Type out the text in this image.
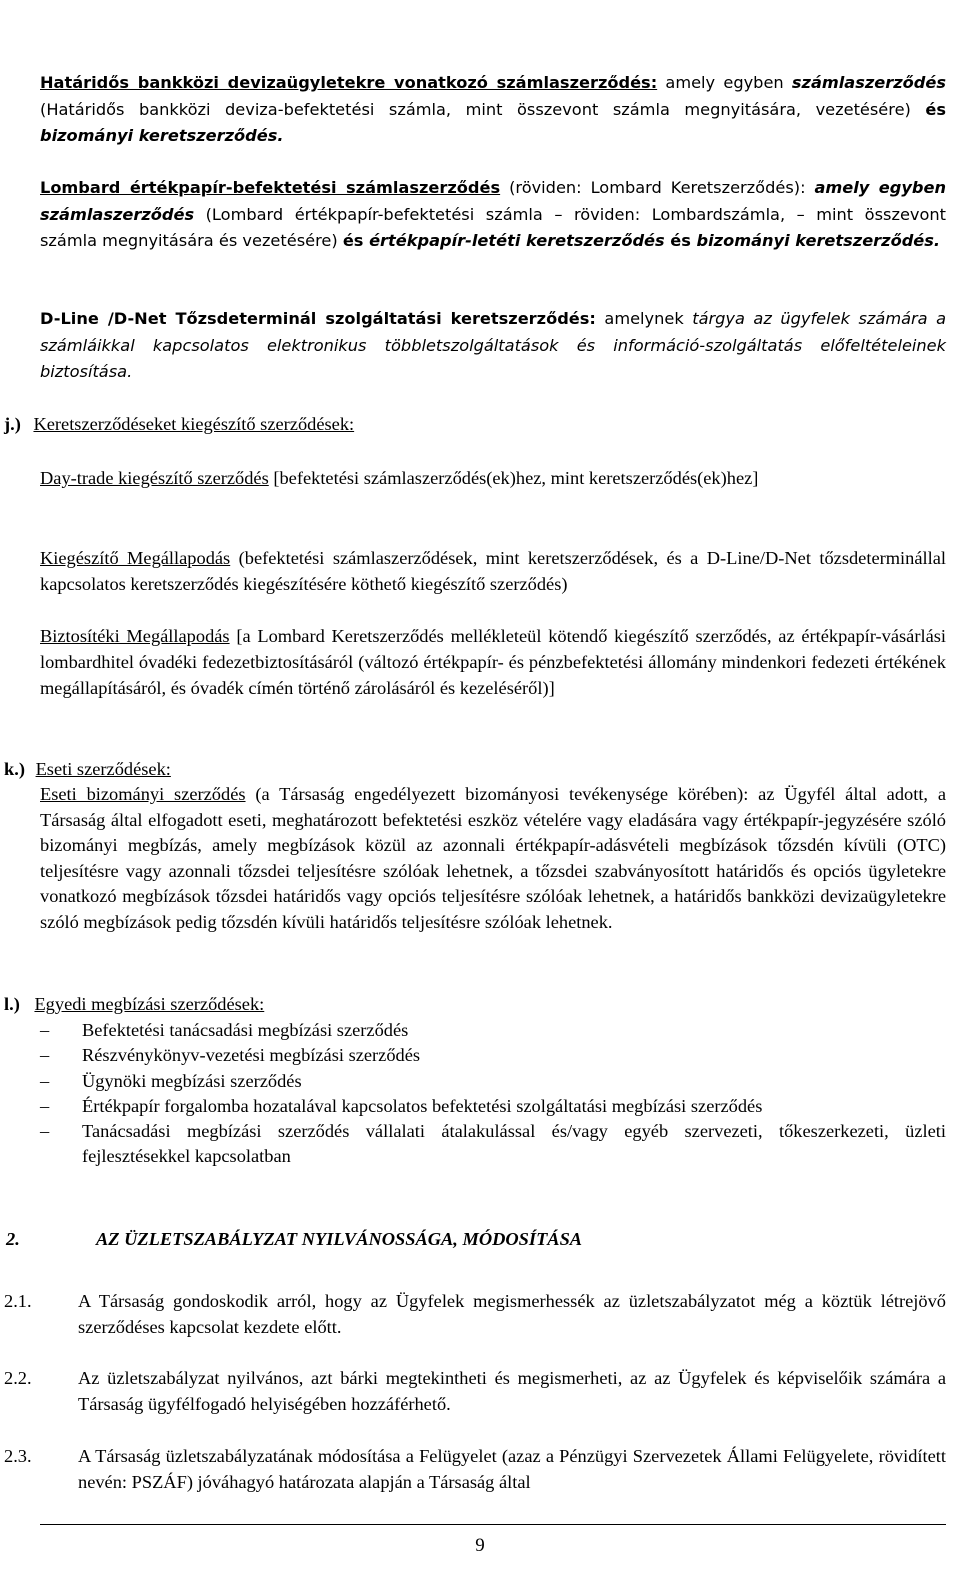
Határidős bankközi devizaügyletekre vonatkozó számlaszerződés: amely egyben számlaszerződés (Határidős bankközi deviza-befektetési számla, mint összevont számla megnyitására, vezetésére) és bizományi keretszerződés.

Lombard értékpapír-befektetési számlaszerződés (röviden: Lombard Keretszerződés): amely egyben számlaszerződés (Lombard értékpapír-befektetési számla – röviden: Lombardszámla, – mint összevont számla megnyitására és vezetésére) és értékpapír-letéti keretszerződés és bizományi keretszerződés.

D-Line /D-Net Tőzsdeterminál szolgáltatási keretszerződés: amelynek tárgya az ügyfelek számára a számláikkal kapcsolatos elektronikus többletszolgáltatások és információ-szolgáltatás előfeltételeinek biztosítása.

j.) Keretszerződéseket kiegészítő szerződések:

Day-trade kiegészítő szerződés [befektetési számlaszerződés(ek)hez, mint keretszerződés(ek)hez]

Kiegészítő Megállapodás (befektetési számlaszerződések, mint keretszerződések, és a D-Line/D-Net tőzsdeterminállal kapcsolatos keretszerződés kiegészítésére köthető kiegészítő szerződés)

Biztosítéki Megállapodás [a Lombard Keretszerződés mellékleteül kötendő kiegészítő szerződés, az értékpapír-vásárlási lombardhitel óvadéki fedezetbiztosításáról (változó értékpapír- és pénzbefektetési állomány mindenkori fedezeti értékének megállapításáról, és óvadék címén történő zárolásáról és kezeléséről)]

k.) Eseti szerződések:

Eseti bizományi szerződés (a Társaság engedélyezett bizományosi tevékenysége körében): az Ügyfél által adott, a Társaság által elfogadott eseti, meghatározott befektetési eszköz vételére vagy eladására vagy értékpapír-jegyzésére szóló bizományi megbízás, amely megbízások közül az azonnali értékpapír-adásvételi megbízások tőzsdén kívüli (OTC) teljesítésre vagy azonnali tőzsdei teljesítésre szólóak lehetnek, a tőzsdei szabványosított határidős és opciós ügyletekre vonatkozó megbízások tőzsdei határidős vagy opciós teljesítésre szólóak lehetnek, a határidős bankközi devizaügyletekre szóló megbízások pedig tőzsdén kívüli határidős teljesítésre szólóak lehetnek.

l.) Egyedi megbízási szerződések:
– Befektetési tanácsadási megbízási szerződés
– Részvénykönyv-vezetési megbízási szerződés
– Ügynöki megbízási szerződés
– Értékpapír forgalomba hozatalával kapcsolatos befektetési szolgáltatási megbízási szerződés
– Tanácsadási megbízási szerződés vállalati átalakulással és/vagy egyéb szervezeti, tőkeszerkezeti, üzleti fejlesztésekkel kapcsolatban
2.	AZ ÜZLETSZABÁLYZAT NYILVÁNOSSÁGA, MÓDOSÍTÁSA
2.1.	A Társaság gondoskodik arról, hogy az Ügyfelek megismerhessék az üzletszabályzatot még a köztük létrejövő szerződéses kapcsolat kezdete előtt.

2.2.	Az üzletszabályzat nyilvános, azt bárki megtekintheti és megismerheti, az az Ügyfelek és képviselőik számára a Társaság ügyfélfogadó helyiségében hozzáférhető.

2.3.	A Társaság üzletszabályzatának módosítása a Felügyelet (azaz a Pénzügyi Szervezetek Állami Felügyelete, rövidített nevén: PSZÁF) jóváhagyó határozata alapján a Társaság által

9
